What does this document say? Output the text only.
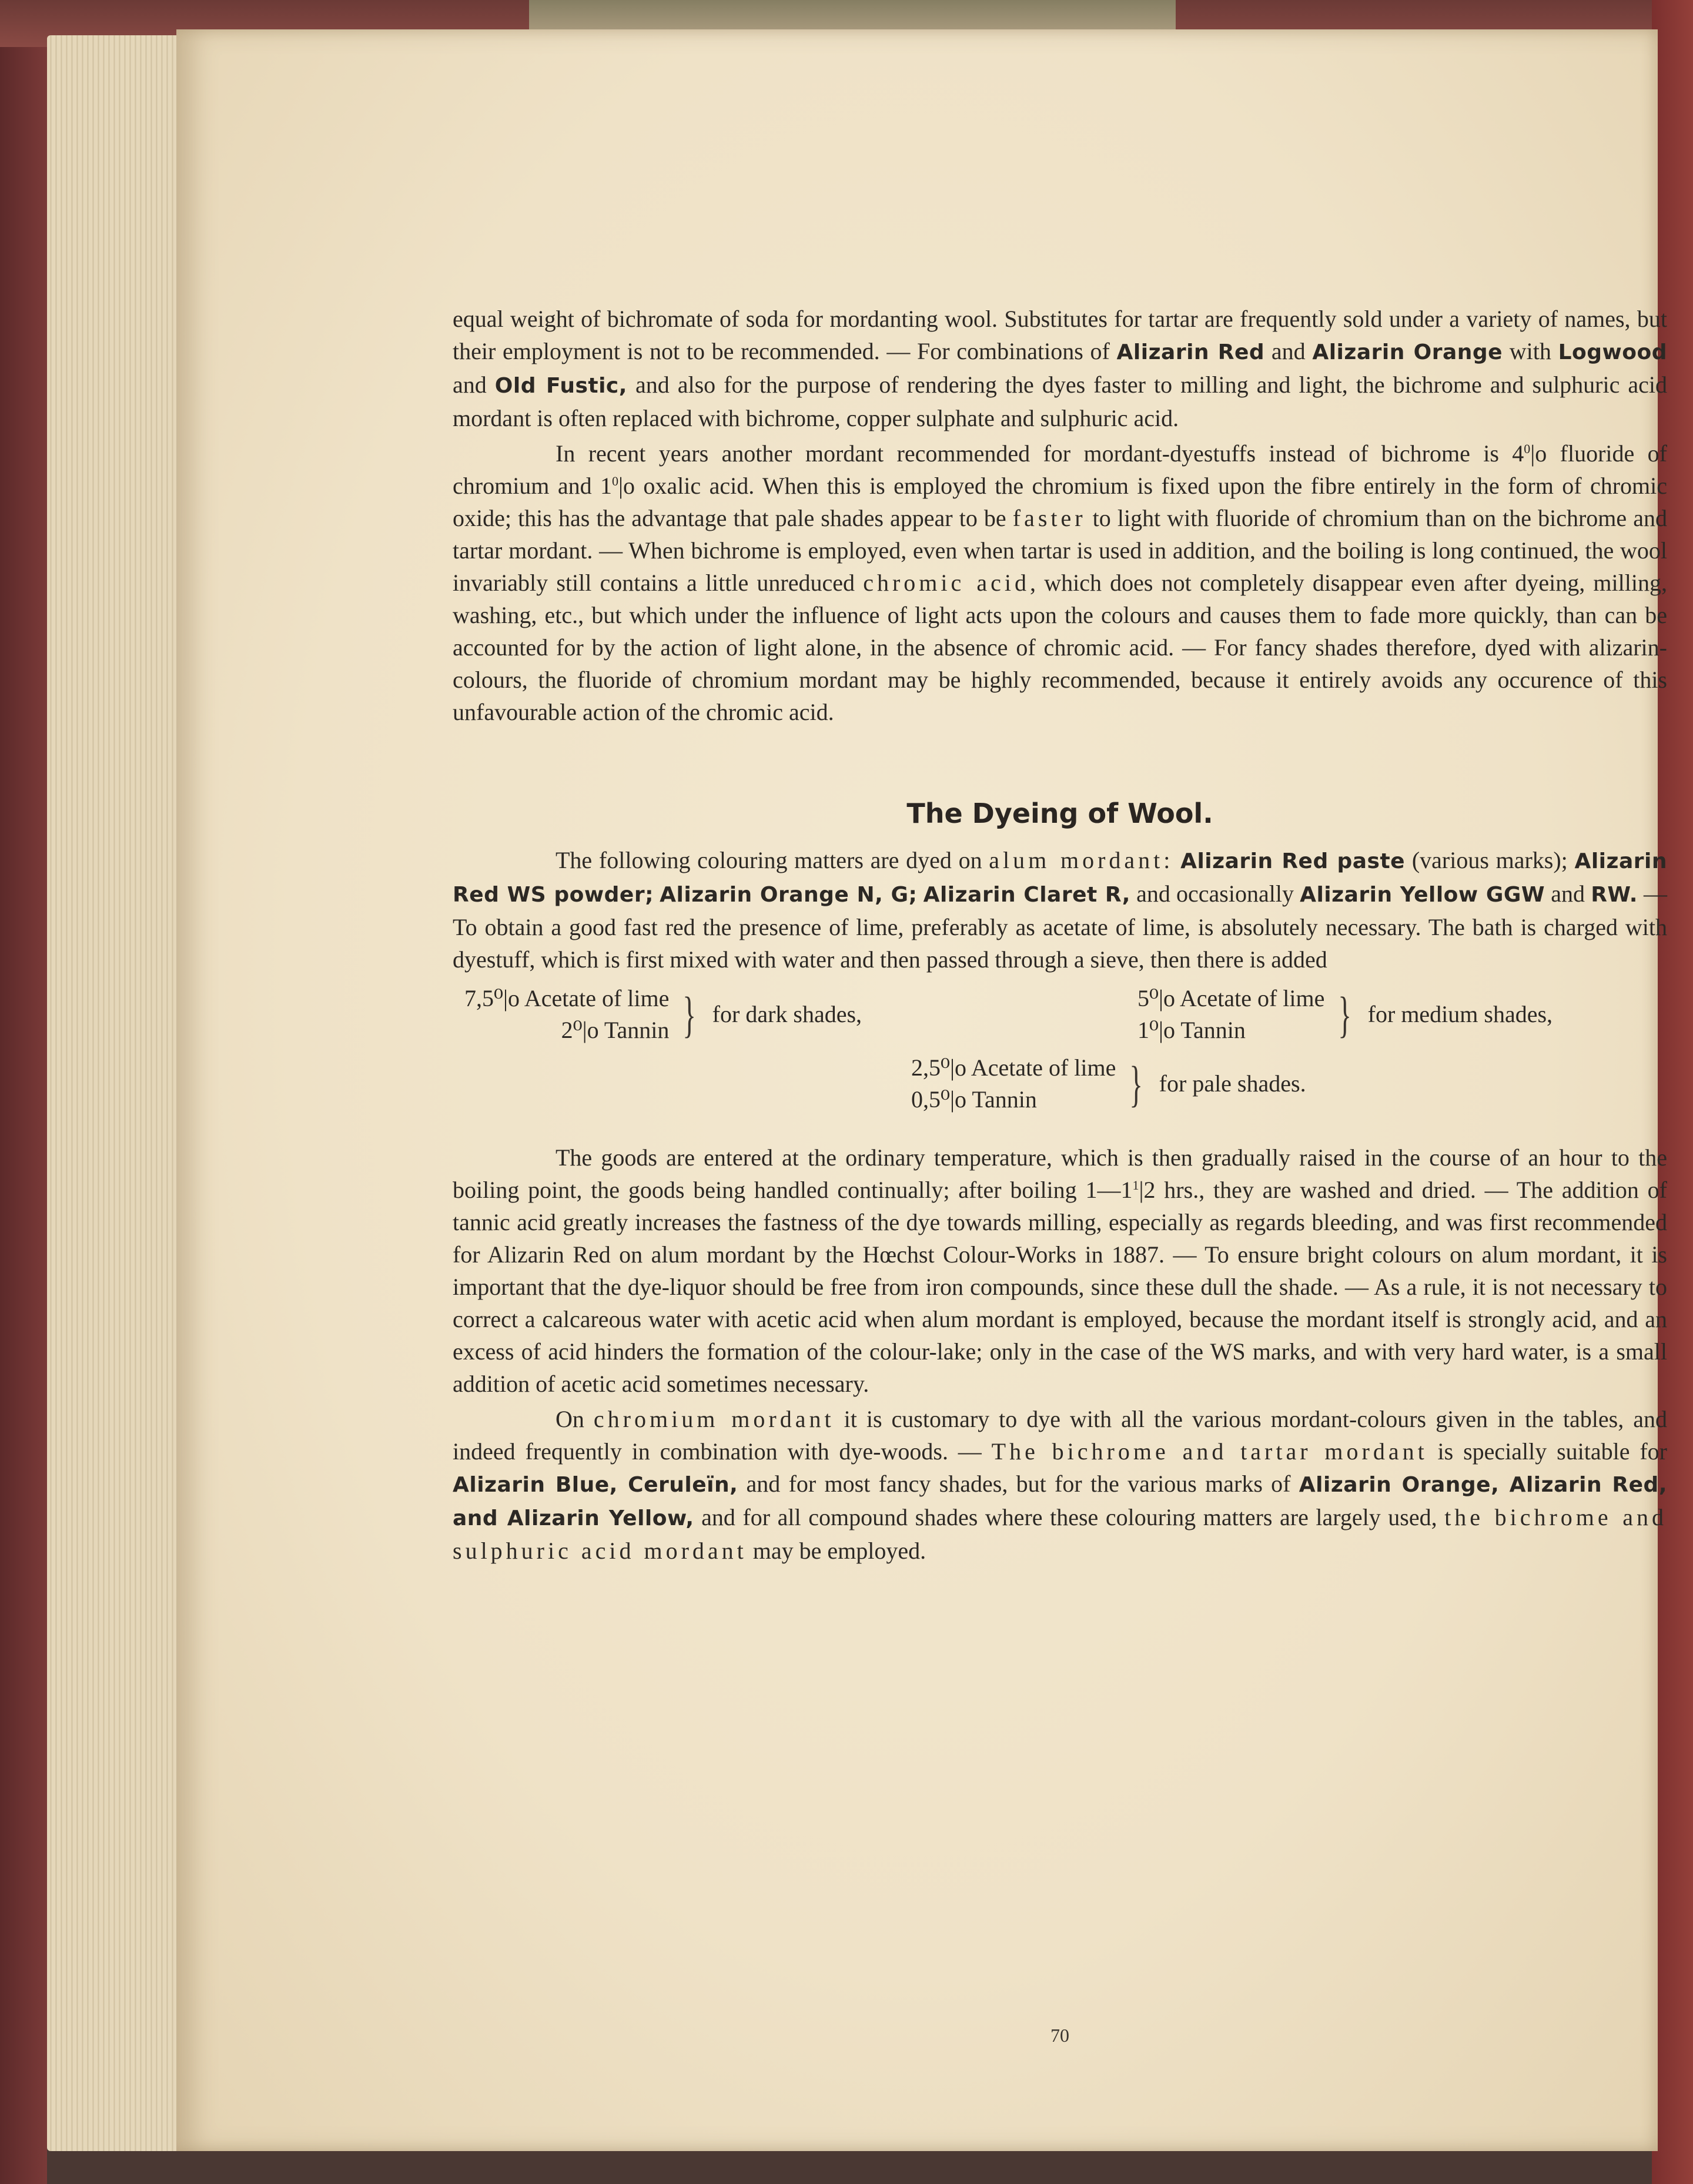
equal weight of bichromate of soda for mordanting wool. Substitutes for tartar are frequently sold under a variety of names, but their employment is not to be recommended. — For combinations of Alizarin Red and Alizarin Orange with Logwood and Old Fustic, and also for the purpose of rendering the dyes faster to milling and light, the bichrome and sulphuric acid mordant is often replaced with bichrome, copper sulphate and sulphuric acid.

In recent years another mordant recommended for mordant-dyestuffs instead of bichrome is $4^0|o$ fluoride of chromium and $1^0|o$ oxalic acid. When this is employed the chromium is fixed upon the fibre entirely in the form of chromic oxide; this has the advantage that pale shades appear to be faster to light with fluoride of chromium than on the bichrome and tartar mordant. — When bichrome is employed, even when tartar is used in addition, and the boiling is long continued, the wool invariably still contains a little unreduced chromic acid, which does not completely disappear even after dyeing, milling, washing, etc., but which under the influence of light acts upon the colours and causes them to fade more quickly, than can be accounted for by the action of light alone, in the absence of chromic acid. — For fancy shades therefore, dyed with alizarin-colours, the fluoride of chromium mordant may be highly recommended, because it entirely avoids any occurence of this unfavourable action of the chromic acid.

The Dyeing of Wool.

The following colouring matters are dyed on alum mordant: Alizarin Red paste (various marks); Alizarin Red WS powder; Alizarin Orange N, G; Alizarin Claret R, and occasionally Alizarin Yellow GGW and RW. — To obtain a good fast red the presence of lime, preferably as acetate of lime, is absolutely necessary. The bath is charged with dyestuff, which is first mixed with water and then passed through a sieve, then there is added

7,5⁰|o Acetate of lime
2⁰|o Tannin } for dark shades,
5⁰|o Acetate of lime
1⁰|o Tannin	} for medium shades,
2,5⁰|o Acetate of lime
0,5⁰|o Tannin	} for pale shades.

The goods are entered at the ordinary temperature, which is then gradually raised in the course of an hour to the boiling point, the goods being handled continually; after boiling $1—1^1|2$ hrs., they are washed and dried. — The addition of tannic acid greatly increases the fastness of the dye towards milling, especially as regards bleeding, and was first recommended for Alizarin Red on alum mordant by the Hœchst Colour-Works in 1887. — To ensure bright colours on alum mordant, it is important that the dye-liquor should be free from iron compounds, since these dull the shade. — As a rule, it is not necessary to correct a calcareous water with acetic acid when alum mordant is employed, because the mordant itself is strongly acid, and an excess of acid hinders the formation of the colour-lake; only in the case of the WS marks, and with very hard water, is a small addition of acetic acid sometimes necessary.

On chromium mordant it is customary to dye with all the various mordant-colours given in the tables, and indeed frequently in combination with dye-woods. — The bichrome and tartar mordant is specially suitable for Alizarin Blue, Ceruleïn, and for most fancy shades, but for the various marks of Alizarin Orange, Alizarin Red, and Alizarin Yellow, and for all compound shades where these colouring matters are largely used, the bichrome and sulphuric acid mordant may be employed.

70
